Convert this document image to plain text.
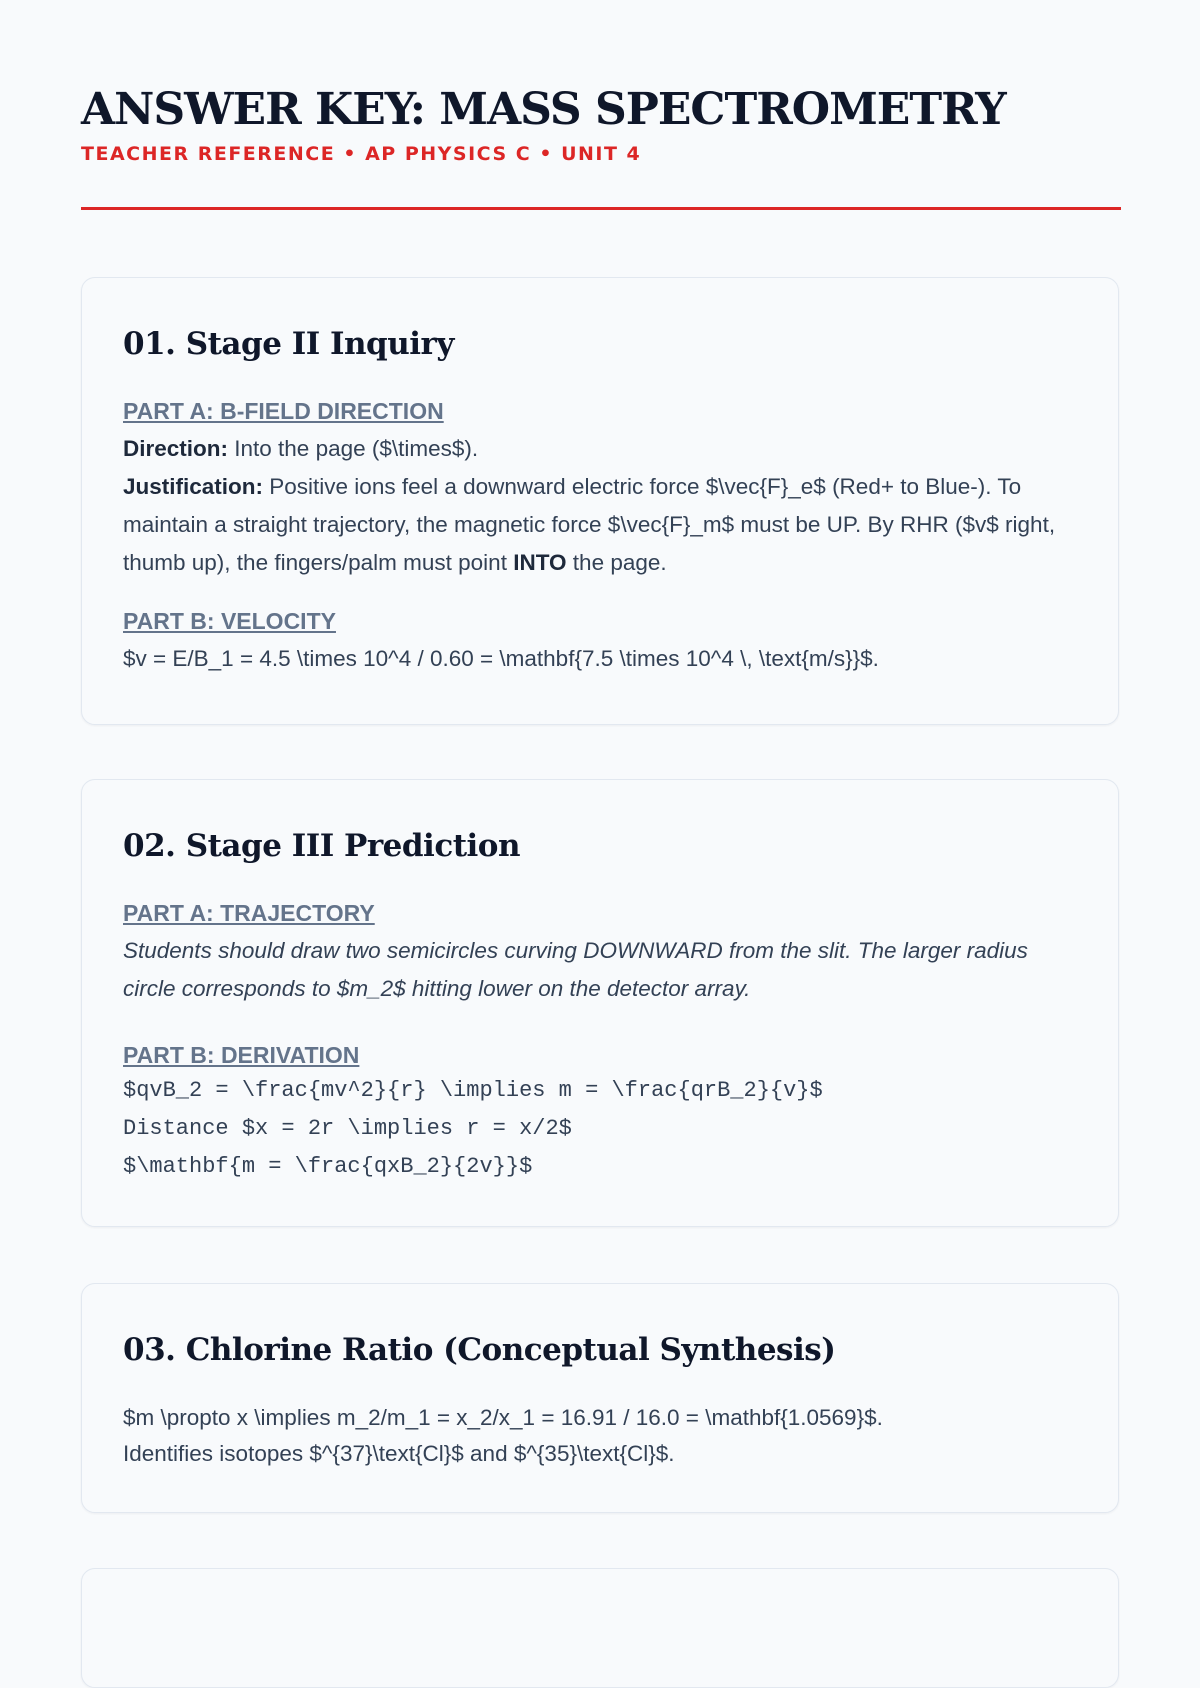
ANSWER KEY: MASS SPECTROMETRY
TEACHER REFERENCE • AP PHYSICS C • UNIT 4
01. Stage II Inquiry
PART A: B-FIELD DIRECTION
Direction: Into the page ($\times$).
Justification: Positive ions feel a downward electric force $\vec{F}_e$ (Red+ to Blue-). To maintain a straight trajectory, the magnetic force $\vec{F}_m$ must be UP. By RHR ($v$ right, thumb up), the fingers/palm must point INTO the page.
PART B: VELOCITY
$v = E/B_1 = 4.5 \times 10^4 / 0.60 = \mathbf{7.5 \times 10^4 \, \text{m/s}}$.
02. Stage III Prediction
PART A: TRAJECTORY
Students should draw two semicircles curving DOWNWARD from the slit. The larger radius circle corresponds to $m_2$ hitting lower on the detector array.
PART B: DERIVATION
$qvB_2 = \frac{mv^2}{r} \implies m = \frac{qrB_2}{v}$
Distance $x = 2r \implies r = x/2$
$\mathbf{m = \frac{qxB_2}{2v}}$
03. Chlorine Ratio (Conceptual Synthesis)
$m \propto x \implies m_2/m_1 = x_2/x_1 = 16.91 / 16.0 = \mathbf{1.0569}$.
Identifies isotopes $^{37}\text{Cl}$ and $^{35}\text{Cl}$.
